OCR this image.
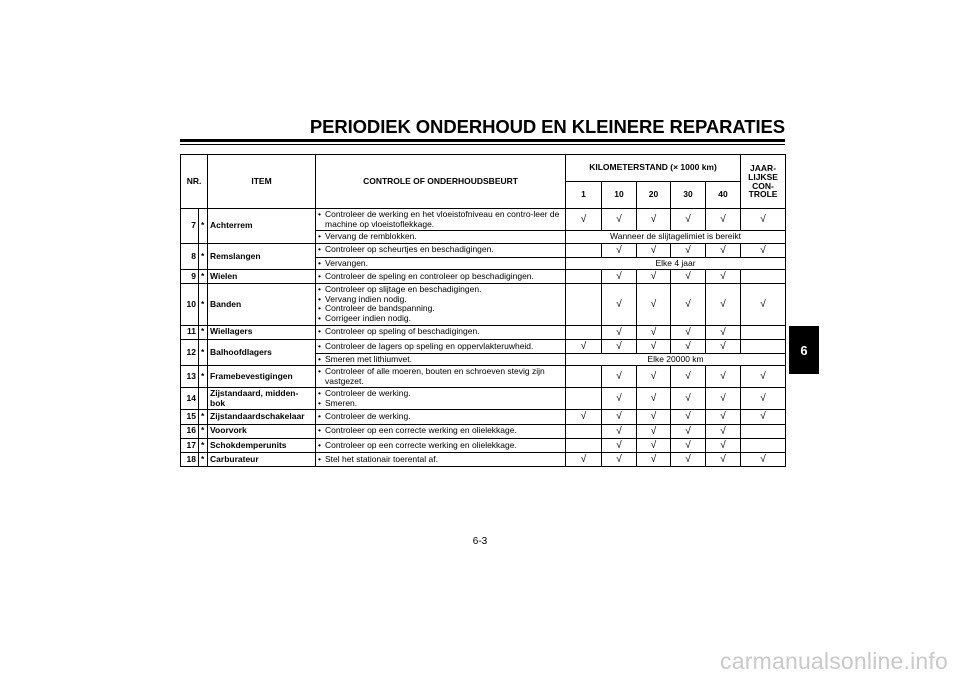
PERIODIEK ONDERHOUD EN KLEINERE REPARATIES
NR.		ITEM	CONTROLE OF ONDERHOUDSBEURT	KILOMETERSTAND (× 1000 km)					JAAR-
LIJKSE
CON-
TROLE
				1	10	20	30	40	
7	*	Achterrem	• Controleer de werking en het vloeistofniveau en contro-leer de machine op vloeistoflekkage.	√	√	√	√	√	√

			• Vervang de remblokken.	Wanneer de slijtagelimiet is bereikt					
8	*	Remslangen	• Controleer op scheurtjes en beschadigingen.		√	√	√	√	√

			• Vervangen.	Elke 4 jaar					
9	*	Wielen	• Controleer de speling en controleer op beschadigingen.		√	√	√	√	
10	*	Banden	• Controleer op slijtage en beschadigingen.
• Vervang indien nodig.
• Controleer de bandspanning.
• Corrigeer indien nodig.		√	√	√	√	√
11	*	Wiellagers	• Controleer op speling of beschadigingen.		√	√	√	√	
12	*	Balhoofdlagers	• Controleer de lagers op speling en oppervlakteruwheid.	√	√	√	√	√	

			• Smeren met lithiumvet.	Elke 20000 km					
13	*	Framebevestigingen	• Controleer of alle moeren, bouten en schroeven stevig zijn vastgezet.		√	√	√	√	√
14		Zijstandaard, midden-bok	• Controleer de werking.
• Smeren.		√	√	√	√	√
15	*	Zijstandaardschakelaar	• Controleer de werking.	√	√	√	√	√	√
16	*	Voorvork	• Controleer op een correcte werking en olielekkage.		√	√	√	√	
17	*	Schokdemperunits	• Controleer op een correcte werking en olielekkage.		√	√	√	√	
18	*	Carburateur	• Stel het stationair toerental af.	√	√	√	√	√	√
6
6-3
carmanualsonline.info
